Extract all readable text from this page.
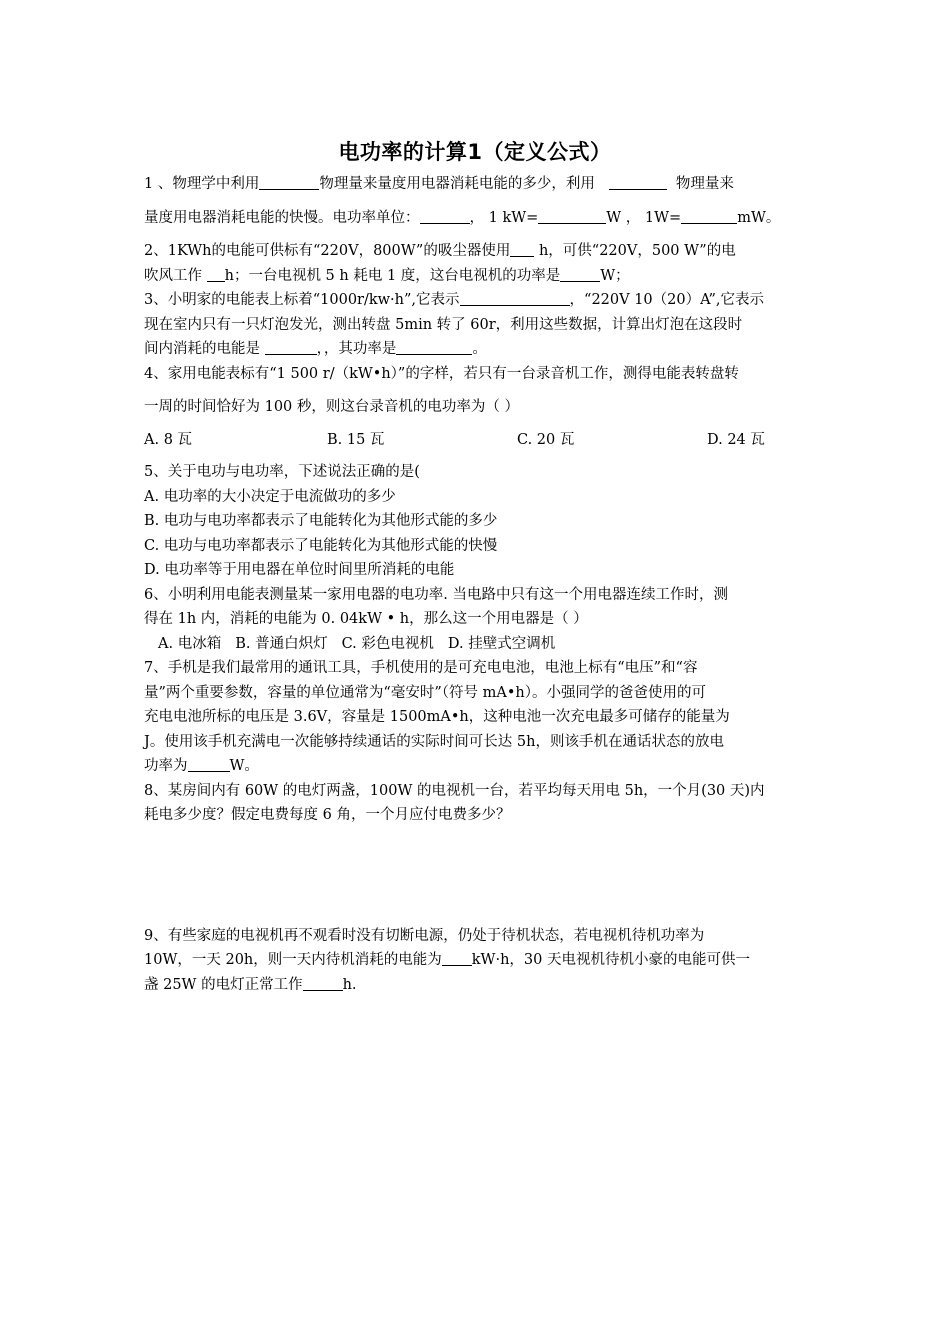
电功率的计算1（定义公式）

1 、物理学中利用	物理量来量度用电器消耗电能的多少，利用	物理量来

量度用电器消耗电能的快慢。电功率单位：	， 1 kW=	W ， 1W=	mW。

2、1KWh的电能可供标有“220V，800W”的吸尘器使用 h，可供“220V，500 W”的电
吹风工作 h；一台电视机 5 h 耗电 1 度，这台电视机的功率是	W；

3、小明家的电能表上标着“1000r/kw·h”,它表示	，“220V 10（20）A”,它表示
现在室内只有一只灯泡发光，测出转盘 5min 转了 60r，利用这些数据，计算出灯泡在这段时
间内消耗的电能是	，，其功率是	。

4、家用电能表标有“1 500 r/（kW•h）”的字样，若只有一台录音机工作，测得电能表转盘转

一周的时间恰好为 100 秒，则这台录音机的电功率为（ ）

A. 8 瓦	B. 15 瓦	C. 20 瓦	D. 24 瓦

5、关于电功与电功率，下述说法正确的是(

A. 电功率的大小决定于电流做功的多少

B. 电功与电功率都表示了电能转化为其他形式能的多少

C. 电功与电功率都表示了电能转化为其他形式能的快慢

D. 电功率等于用电器在单位时间里所消耗的电能

6、小明利用电能表测量某一家用电器的电功率. 当电路中只有这一个用电器连续工作时，测

得在 1h 内，消耗的电能为 0. 04kW • h，那么这一个用电器是（ ）

A. 电冰箱 B. 普通白炽灯 C. 彩色电视机 D. 挂壁式空调机

7、手机是我们最常用的通讯工具，手机使用的是可充电电池，电池上标有“电压”和“容
量”两个重要参数，容量的单位通常为“毫安时”（符号 mA•h）。小强同学的爸爸使用的可
充电电池所标的电压是 3.6V，容量是 1500mA•h，这种电池一次充电最多可储存的能量为
J。使用该手机充满电一次能够持续通话的实际时间可长达 5h，则该手机在通话状态的放电
功率为	W。

8、某房间内有 60W 的电灯两盏，100W 的电视机一台，若平均每天用电 5h，一个月(30 天)内
耗电多少度？假定电费每度 6 角，一个月应付电费多少？

9、有些家庭的电视机再不观看时没有切断电源，仍处于待机状态，若电视机待机功率为
10W，一天 20h，则一天内待机消耗的电能为 kW·h，30 天电视机待机小豪的电能可供一
盏 25W 的电灯正常工作	h.
